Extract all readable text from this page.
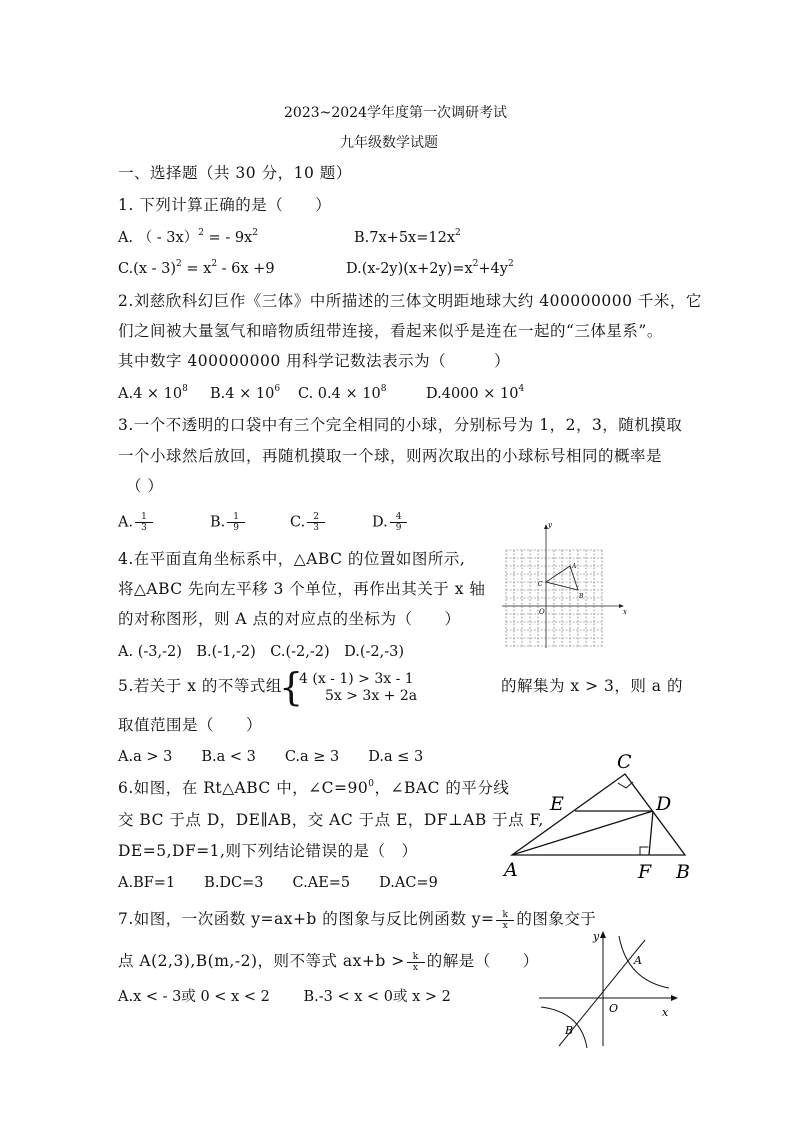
2023~2024学年度第一次调研考试
九年级数学试题
一、选择题（共 30 分，10 题）
1. 下列计算正确的是（　　）
A. （ - 3x）$^2$ = - $9x^2$	$B.7x+5x=12x^2$
$C.(x - 3)^2 = x^2 - 6x +9$	$D.(x-2y)(x+2y)=x^2+4y^2$
2.刘慈欣科幻巨作《三体》中所描述的三体文明距地球大约 400000000 千米，它
们之间被大量氢气和暗物质纽带连接，看起来似乎是连在一起的“三体星系”。
其中数字 400000000 用科学记数法表示为（　　　）
$A.4 \times 10^8$ $B.4 \times 10^6$ C. $0.4 \times 10^8$	$D.4000 \times 10^4$
3.一个不透明的口袋中有三个完全相同的小球，分别标号为 1，2，3，随机摸取
一个小球然后放回，再随机摸取一个球，则两次取出的小球标号相同的概率是
（ ）
A. $\frac{1}{3}$	B. $\frac{1}{9}$	C. $\frac{2}{3}$	D. $\frac{4}{9}$
4.在平面直角坐标系中，△ABC 的位置如图所示,
将△ABC 先向左平移 3 个单位，再作出其关于 x 轴
的对称图形，则 A 点的对应点的坐标为（　　）
A. (-3,-2)　B.(-1,-2)　C.(-2,-2)　D.(-2,-3)
y
x
O
A
B
C
5.若关于 x 的不等式组
{
4 (x - 1) > 3x - 1
5x > 3x + 2a
的解集为 x > 3，则 a 的
取值范围是（　　）
A.a > 3　　B.a < 3　　C.a ≥ 3　　D.a ≤ 3
6.如图，在 Rt△ABC 中，$\angle C=90^0$，∠BAC 的平分线
交 BC 于点 D，DE∥AB，交 AC 于点 E，DF⊥AB 于点 F,
DE=5,DF=1,则下列结论错误的是（　）
A.BF=1　　B.DC=3　　C.AE=5　　D.AC=9
C
E	D
A	F B
7.如图，一次函数 y=ax+b 的图象与反比例函数 $y= \frac{k}{x}$ 的图象交于
点 A(2,3),B(m,-2)，则不等式 $ax+b > \frac{k}{x}$ 的解是（　　）
A.x < - 3或 0 < x < 2　　 B.-3 < x < 0或 x > 2
y
x
O
A
B
